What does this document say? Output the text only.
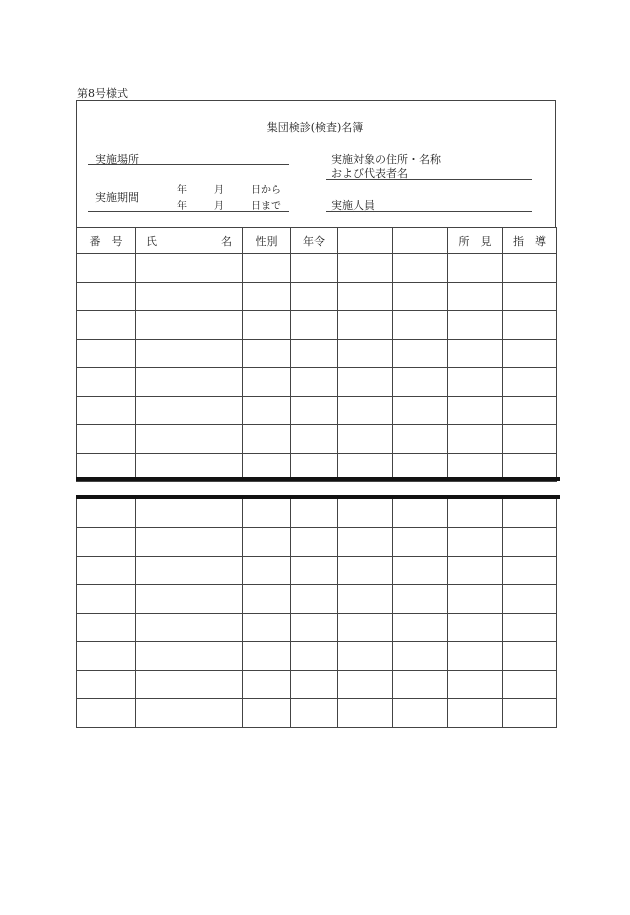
第8号様式
集団検診(検査)名簿
実施場所	実施対象の住所・名称
および代表者名
実施期間
年	月	日から
年	月	日まで	実施人員
番　号	氏 名	性別	年令			所　見	指　導
